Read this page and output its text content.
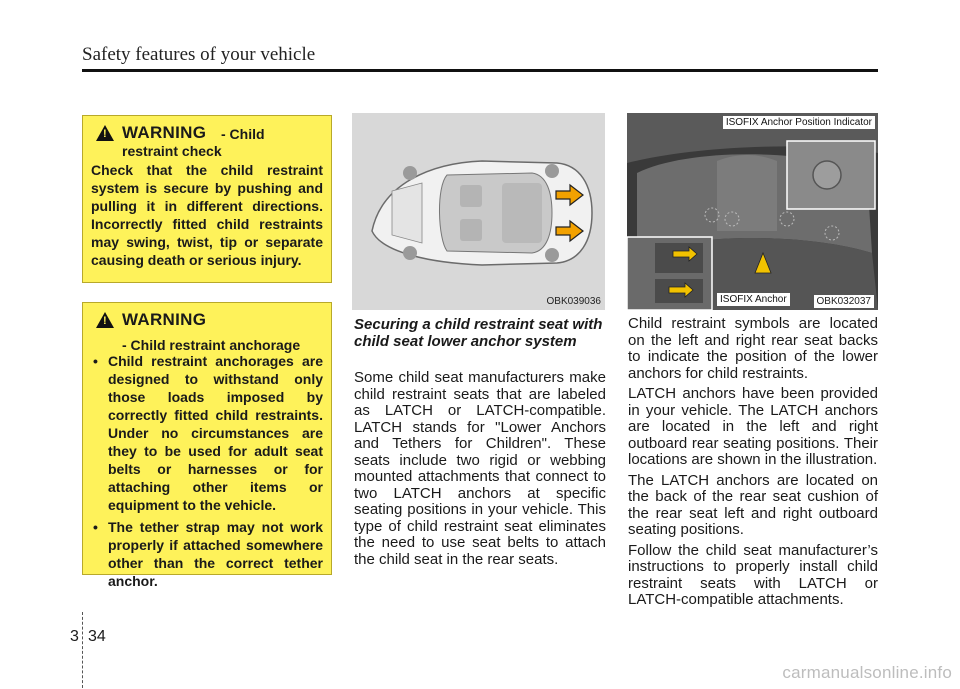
Safety features of your vehicle
!
WARNING - Child
restraint check
Check that the child restraint system is secure by pushing and pulling it in different directions. Incorrectly fitted child restraints may swing, twist, tip or separate causing death or serious injury.
!
WARNING
- Child restraint anchorage
• Child restraint anchorages are designed to withstand only those loads imposed by correctly fitted child restraints. Under no circumstances are they to be used for adult seat belts or harnesses or for attaching other items or equipment to the vehicle.
• The tether strap may not work properly if attached somewhere other than the correct tether anchor.
OBK039036
ISOFIX Anchor Position Indicator
ISOFIX Anchor	OBK032037
Securing a child restraint seat with child seat lower anchor system
Some child seat manufacturers make child restraint seats that are labeled as LATCH or LATCH-compatible. LATCH stands for "Lower Anchors and Tethers for Children". These seats include two rigid or webbing mounted attachments that connect to two LATCH anchors at specific seating positions in your vehicle. This type of child restraint seat eliminates the need to use seat belts to attach the child seat in the rear seats.

Child restraint symbols are located on the left and right rear seat backs to indicate the position of the lower anchors for child restraints.

LATCH anchors have been provided in your vehicle. The LATCH anchors are located in the left and right outboard rear seating positions. Their locations are shown in the illustration.

The LATCH anchors are located on the back of the rear seat cushion of the rear seat left and right outboard seating positions.

Follow the child seat manufacturer’s instructions to properly install child restraint seats with LATCH or LATCH-compatible attachments.

3 34
carmanualsonline.info
